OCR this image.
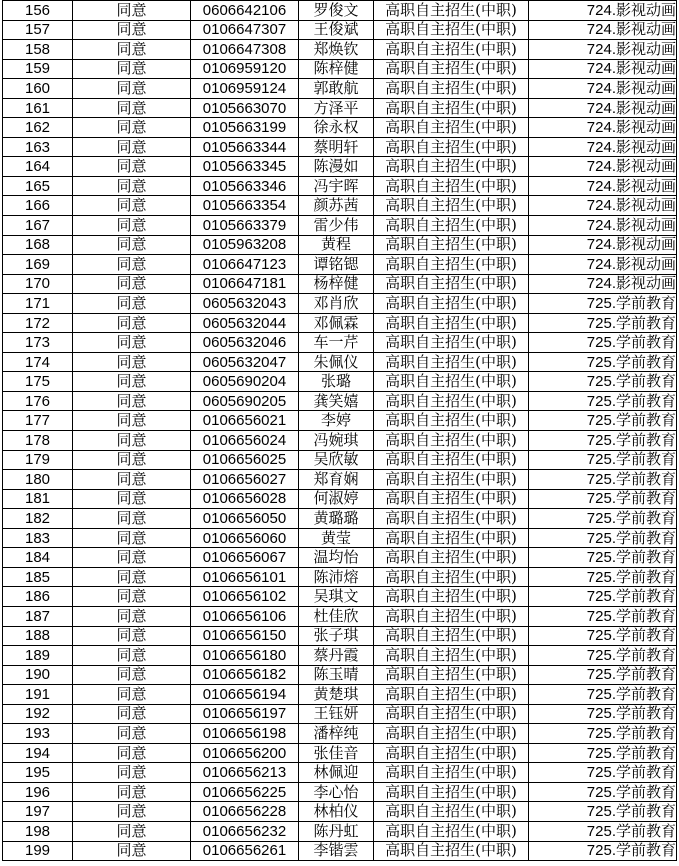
156	同意	0606642106	罗俊文	高职自主招生(中职)	724.影视动画
157	同意	0106647307	王俊斌	高职自主招生(中职)	724.影视动画
158	同意	0106647308	郑焕钦	高职自主招生(中职)	724.影视动画
159	同意	0106959120	陈梓健	高职自主招生(中职)	724.影视动画
160	同意	0106959124	郭敢航	高职自主招生(中职)	724.影视动画
161	同意	0105663070	方泽平	高职自主招生(中职)	724.影视动画
162	同意	0105663199	徐永权	高职自主招生(中职)	724.影视动画
163	同意	0105663344	蔡明轩	高职自主招生(中职)	724.影视动画
164	同意	0105663345	陈漫如	高职自主招生(中职)	724.影视动画
165	同意	0105663346	冯宇晖	高职自主招生(中职)	724.影视动画
166	同意	0105663354	颜苏茜	高职自主招生(中职)	724.影视动画
167	同意	0105663379	雷少伟	高职自主招生(中职)	724.影视动画
168	同意	0105963208	黄程	高职自主招生(中职)	724.影视动画
169	同意	0106647123	谭铭锶	高职自主招生(中职)	724.影视动画
170	同意	0106647181	杨梓健	高职自主招生(中职)	724.影视动画
171	同意	0605632043	邓肖欣	高职自主招生(中职)	725.学前教育
172	同意	0605632044	邓佩霖	高职自主招生(中职)	725.学前教育
173	同意	0605632046	车一芹	高职自主招生(中职)	725.学前教育
174	同意	0605632047	朱佩仪	高职自主招生(中职)	725.学前教育
175	同意	0605690204	张璐	高职自主招生(中职)	725.学前教育
176	同意	0605690205	龚笑嬉	高职自主招生(中职)	725.学前教育
177	同意	0106656021	李婷	高职自主招生(中职)	725.学前教育
178	同意	0106656024	冯婉琪	高职自主招生(中职)	725.学前教育
179	同意	0106656025	吴欣敏	高职自主招生(中职)	725.学前教育
180	同意	0106656027	郑育娴	高职自主招生(中职)	725.学前教育
181	同意	0106656028	何淑婷	高职自主招生(中职)	725.学前教育
182	同意	0106656050	黄璐璐	高职自主招生(中职)	725.学前教育
183	同意	0106656060	黄莹	高职自主招生(中职)	725.学前教育
184	同意	0106656067	温均怡	高职自主招生(中职)	725.学前教育
185	同意	0106656101	陈沛熔	高职自主招生(中职)	725.学前教育
186	同意	0106656102	吴琪文	高职自主招生(中职)	725.学前教育
187	同意	0106656106	杜佳欣	高职自主招生(中职)	725.学前教育
188	同意	0106656150	张子琪	高职自主招生(中职)	725.学前教育
189	同意	0106656180	蔡丹霞	高职自主招生(中职)	725.学前教育
190	同意	0106656182	陈玉晴	高职自主招生(中职)	725.学前教育
191	同意	0106656194	黄楚琪	高职自主招生(中职)	725.学前教育
192	同意	0106656197	王钰妍	高职自主招生(中职)	725.学前教育
193	同意	0106656198	潘梓纯	高职自主招生(中职)	725.学前教育
194	同意	0106656200	张佳音	高职自主招生(中职)	725.学前教育
195	同意	0106656213	林佩迎	高职自主招生(中职)	725.学前教育
196	同意	0106656225	李心怡	高职自主招生(中职)	725.学前教育
197	同意	0106656228	林柏仪	高职自主招生(中职)	725.学前教育
198	同意	0106656232	陈丹虹	高职自主招生(中职)	725.学前教育
199	同意	0106656261	李锴雲	高职自主招生(中职)	725.学前教育
